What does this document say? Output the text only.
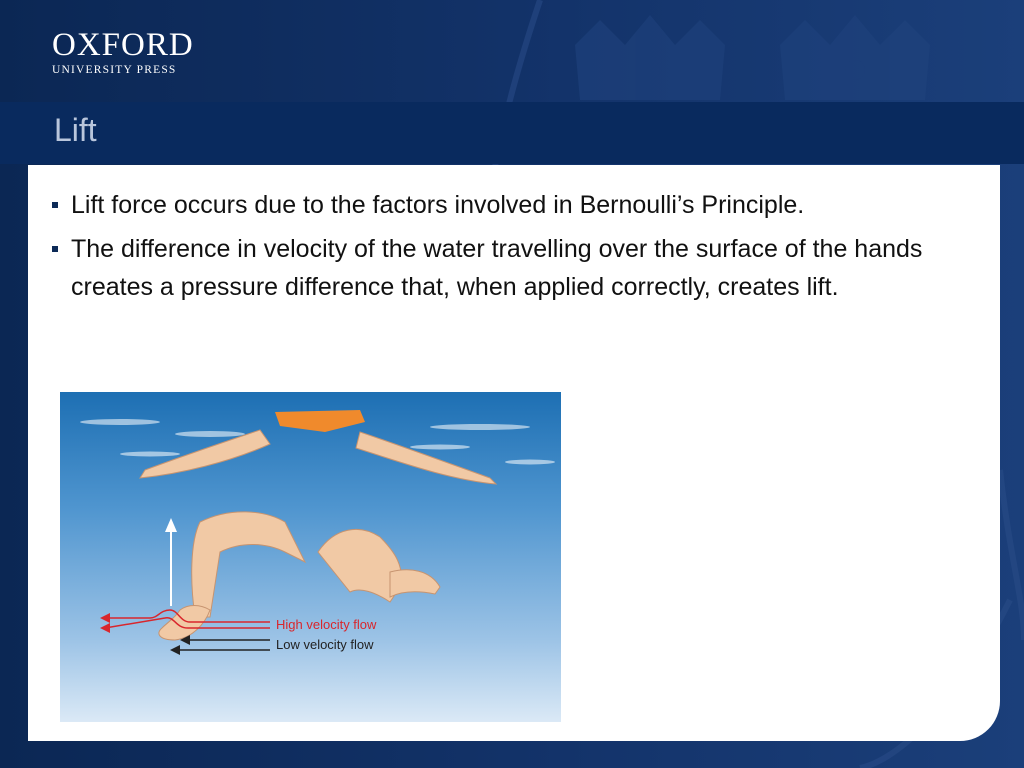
OXFORD
UNIVERSITY PRESS
Lift
Lift force occurs due to the factors involved in Bernoulli’s Principle.
The difference in velocity of the water travelling over the surface of the hands creates a pressure difference that, when applied correctly, creates lift.
High velocity flow
Low velocity flow
